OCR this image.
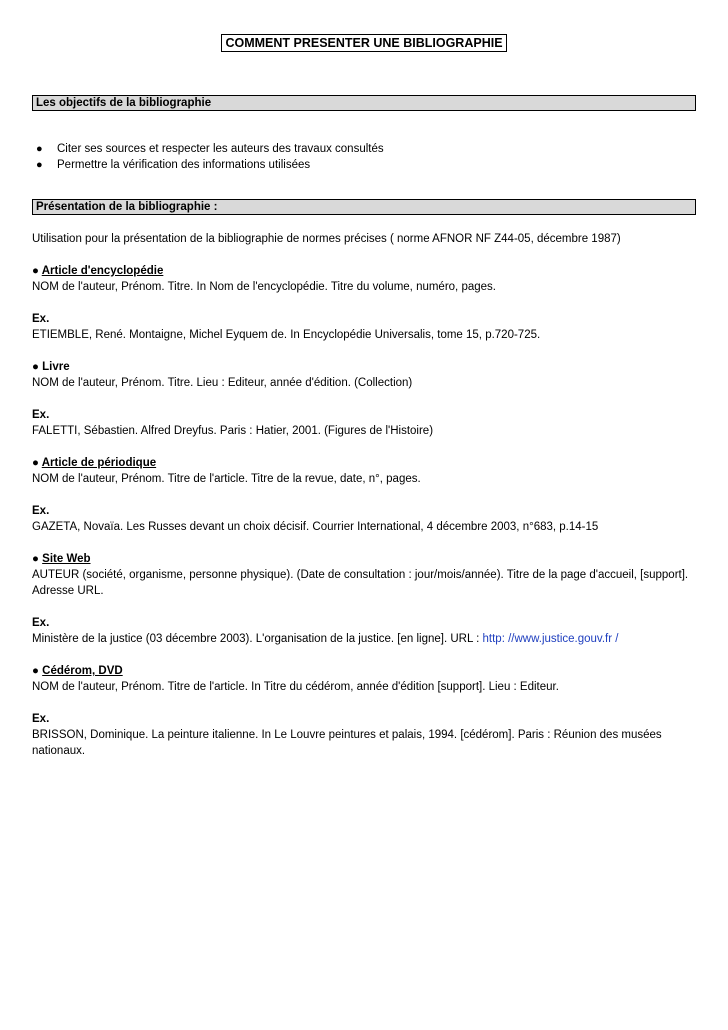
COMMENT PRESENTER UNE BIBLIOGRAPHIE
Les objectifs de la bibliographie
● Citer ses sources et respecter les auteurs des travaux consultés
● Permettre la vérification des informations utilisées
Présentation de la bibliographie :

Utilisation pour la présentation de la bibliographie de normes précises ( norme AFNOR NF Z44-05, décembre 1987)

● Article d'encyclopédie

NOM de l'auteur, Prénom. Titre. In Nom de l'encyclopédie. Titre du volume, numéro, pages.

Ex.

ETIEMBLE, René. Montaigne, Michel Eyquem de. In Encyclopédie Universalis, tome 15, p.720-725.

● Livre

NOM de l'auteur, Prénom. Titre. Lieu : Editeur, année d'édition. (Collection)

Ex.

FALETTI, Sébastien. Alfred Dreyfus. Paris : Hatier, 2001. (Figures de l'Histoire)

● Article de périodique

NOM de l'auteur, Prénom. Titre de l'article. Titre de la revue, date, n°, pages.

Ex.

GAZETA, Novaïa. Les Russes devant un choix décisif. Courrier International, 4 décembre 2003, n°683, p.14-15

● Site Web

AUTEUR (société, organisme, personne physique). (Date de consultation : jour/mois/année). Titre de la page d'accueil, [support]. Adresse URL.

Ex.

Ministère de la justice (03 décembre 2003). L'organisation de la justice. [en ligne]. URL : http: //www.justice.gouv.fr /

● Cédérom, DVD

NOM de l'auteur, Prénom. Titre de l'article. In Titre du cédérom, année d'édition [support]. Lieu : Editeur.

Ex.

BRISSON, Dominique. La peinture italienne. In Le Louvre peintures et palais, 1994. [cédérom]. Paris : Réunion des musées nationaux.
